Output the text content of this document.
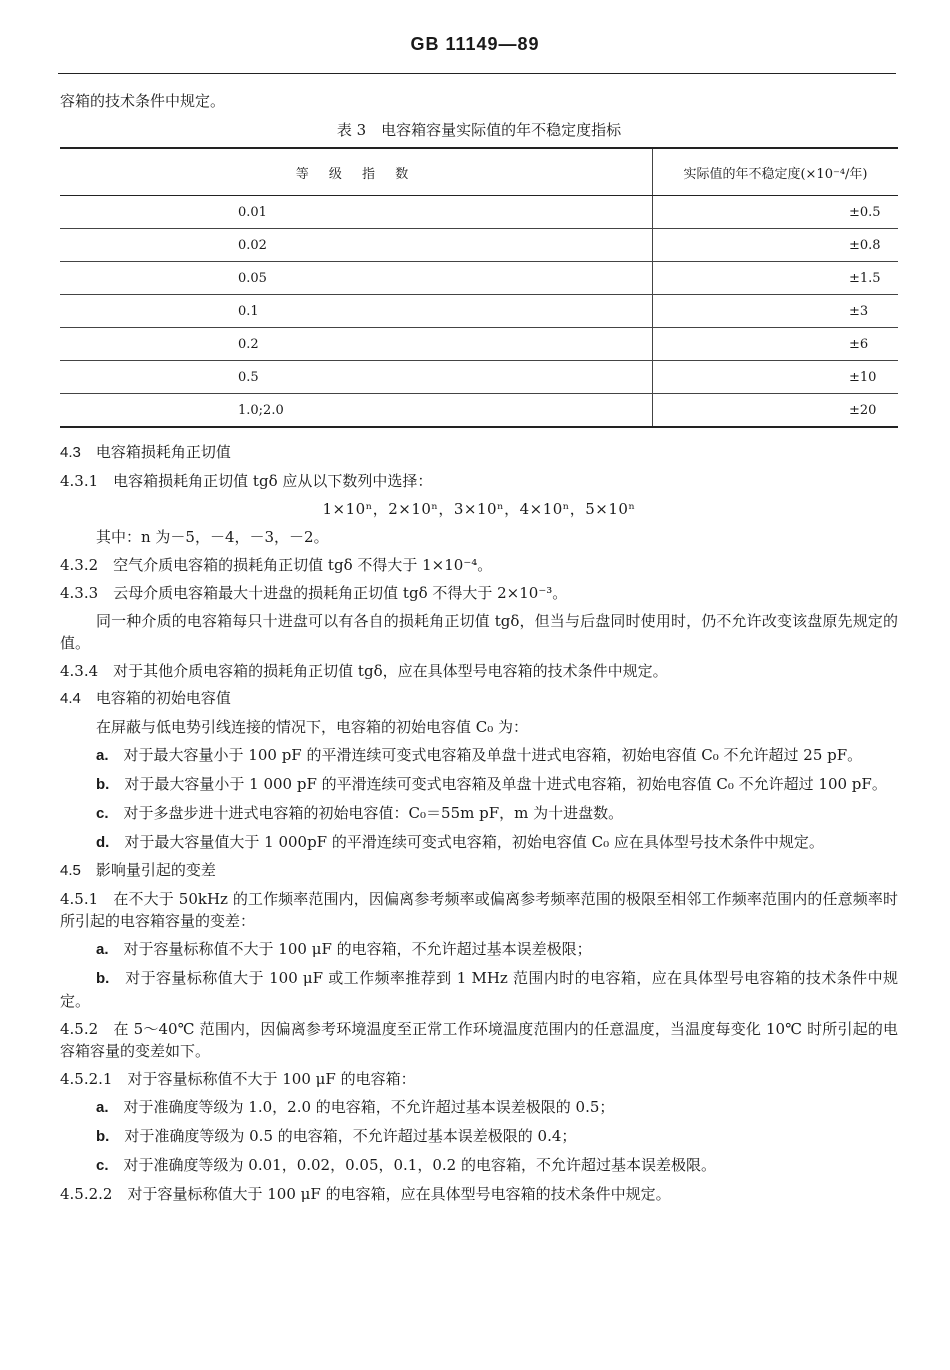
GB 11149—89

容箱的技术条件中规定。

表 3　电容箱容量实际值的年不稳定度指标
等 级 指 数	实际值的年不稳定度(×10⁻⁴/年)
0.01	±0.5
0.02	±0.8
0.05	±1.5
0.1	±3
0.2	±6
0.5	±10
1.0;2.0	±20

4.3　电容箱损耗角正切值

4.3.1　电容箱损耗角正切值 tgδ 应从以下数列中选择：

1×10ⁿ，2×10ⁿ，3×10ⁿ，4×10ⁿ，5×10ⁿ

其中：n 为－5，－4，－3，－2。

4.3.2　空气介质电容箱的损耗角正切值 tgδ 不得大于 1×10⁻⁴。

4.3.3　云母介质电容箱最大十进盘的损耗角正切值 tgδ 不得大于 2×10⁻³。

同一种介质的电容箱每只十进盘可以有各自的损耗角正切值 tgδ，但当与后盘同时使用时，仍不允许改变该盘原先规定的值。

4.3.4　对于其他介质电容箱的损耗角正切值 tgδ，应在具体型号电容箱的技术条件中规定。

4.4　电容箱的初始电容值

在屏蔽与低电势引线连接的情况下，电容箱的初始电容值 C₀ 为：

a.　 对于最大容量小于 100 pF 的平滑连续可变式电容箱及单盘十进式电容箱，初始电容值 C₀ 不允许超过 25 pF。

b.　 对于最大容量小于 1 000 pF 的平滑连续可变式电容箱及单盘十进式电容箱，初始电容值 C₀ 不允许超过 100 pF。

c.　 对于多盘步进十进式电容箱的初始电容值：C₀＝55m pF，m 为十进盘数。

d.　 对于最大容量值大于 1 000pF 的平滑连续可变式电容箱，初始电容值 C₀ 应在具体型号技术条件中规定。

4.5　影响量引起的变差

4.5.1　在不大于 50kHz 的工作频率范围内，因偏离参考频率或偏离参考频率范围的极限至相邻工作频率范围内的任意频率时所引起的电容箱容量的变差：

a.　 对于容量标称值不大于 100 μF 的电容箱，不允许超过基本误差极限；

b.　 对于容量标称值大于 100 μF 或工作频率推荐到 1 MHz 范围内时的电容箱，应在具体型号电容箱的技术条件中规定。

4.5.2　在 5～40℃ 范围内，因偏离参考环境温度至正常工作环境温度范围内的任意温度，当温度每变化 10℃ 时所引起的电容箱容量的变差如下。

4.5.2.1　对于容量标称值不大于 100 μF 的电容箱：

a.　 对于准确度等级为 1.0，2.0 的电容箱，不允许超过基本误差极限的 0.5；

b.　 对于准确度等级为 0.5 的电容箱，不允许超过基本误差极限的 0.4；

c.　 对于准确度等级为 0.01，0.02，0.05，0.1，0.2 的电容箱，不允许超过基本误差极限。

4.5.2.2　对于容量标称值大于 100 μF 的电容箱，应在具体型号电容箱的技术条件中规定。
